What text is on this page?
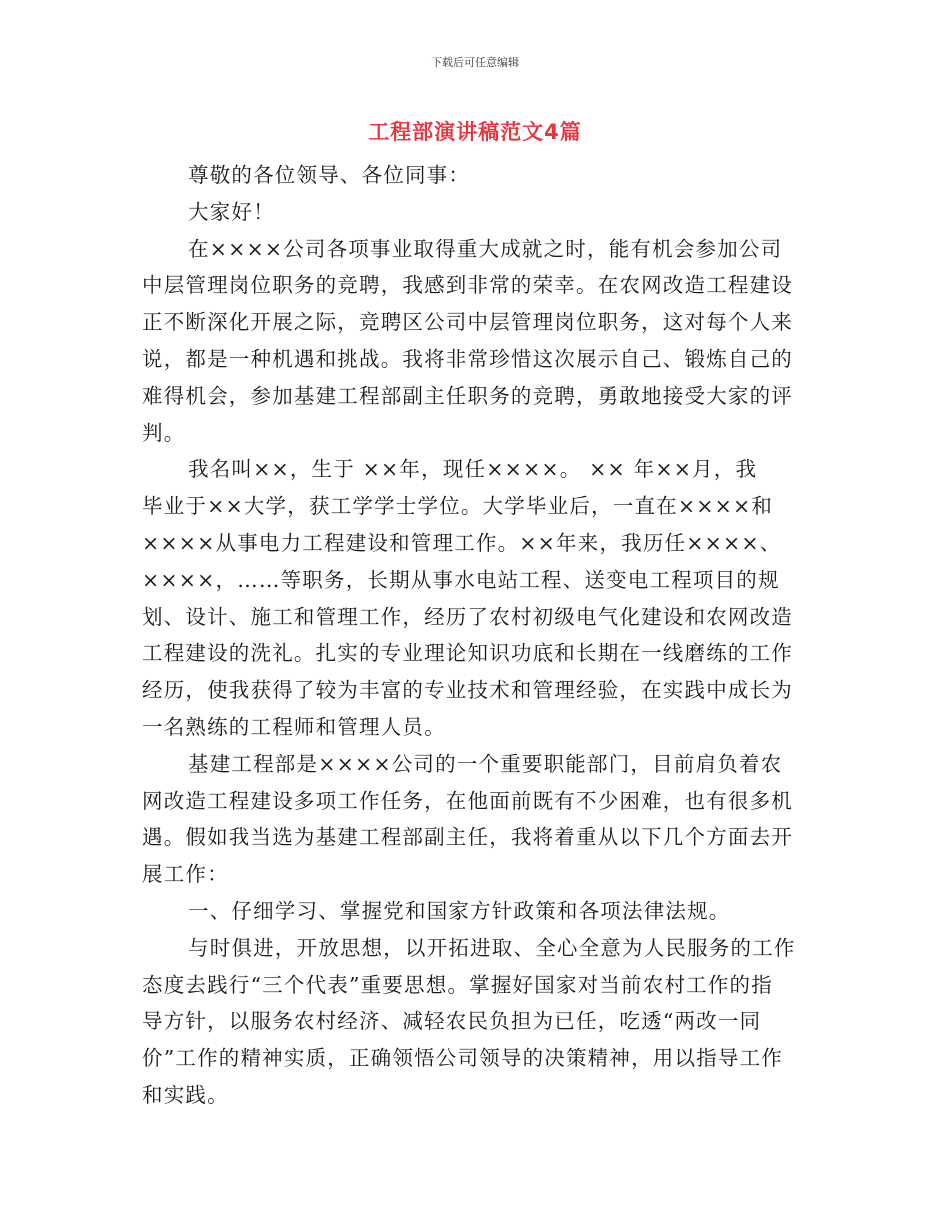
下载后可任意编辑
工程部演讲稿范文4篇
尊敬的各位领导、各位同事：
大家好！
在××××公司各项事业取得重大成就之时，能有机会参加公司
中层管理岗位职务的竞聘，我感到非常的荣幸。在农网改造工程建设
正不断深化开展之际，竞聘区公司中层管理岗位职务，这对每个人来
说，都是一种机遇和挑战。我将非常珍惜这次展示自己、锻炼自己的
难得机会，参加基建工程部副主任职务的竞聘，勇敢地接受大家的评
判。
我名叫××，生于 ××年，现任××××。 ×× 年××月，我
毕业于××大学，获工学学士学位。大学毕业后，一直在××××和
××××从事电力工程建设和管理工作。××年来，我历任××××、
××××，……等职务，长期从事水电站工程、送变电工程项目的规
划、设计、施工和管理工作，经历了农村初级电气化建设和农网改造
工程建设的洗礼。扎实的专业理论知识功底和长期在一线磨练的工作
经历，使我获得了较为丰富的专业技术和管理经验，在实践中成长为
一名熟练的工程师和管理人员。
基建工程部是××××公司的一个重要职能部门，目前肩负着农
网改造工程建设多项工作任务，在他面前既有不少困难，也有很多机
遇。假如我当选为基建工程部副主任，我将着重从以下几个方面去开
展工作：
一、仔细学习、掌握党和国家方针政策和各项法律法规。
与时俱进，开放思想，以开拓进取、全心全意为人民服务的工作
态度去践行“三个代表”重要思想。掌握好国家对当前农村工作的指
导方针，以服务农村经济、减轻农民负担为已任，吃透“两改一同
价”工作的精神实质，正确领悟公司领导的决策精神，用以指导工作
和实践。
